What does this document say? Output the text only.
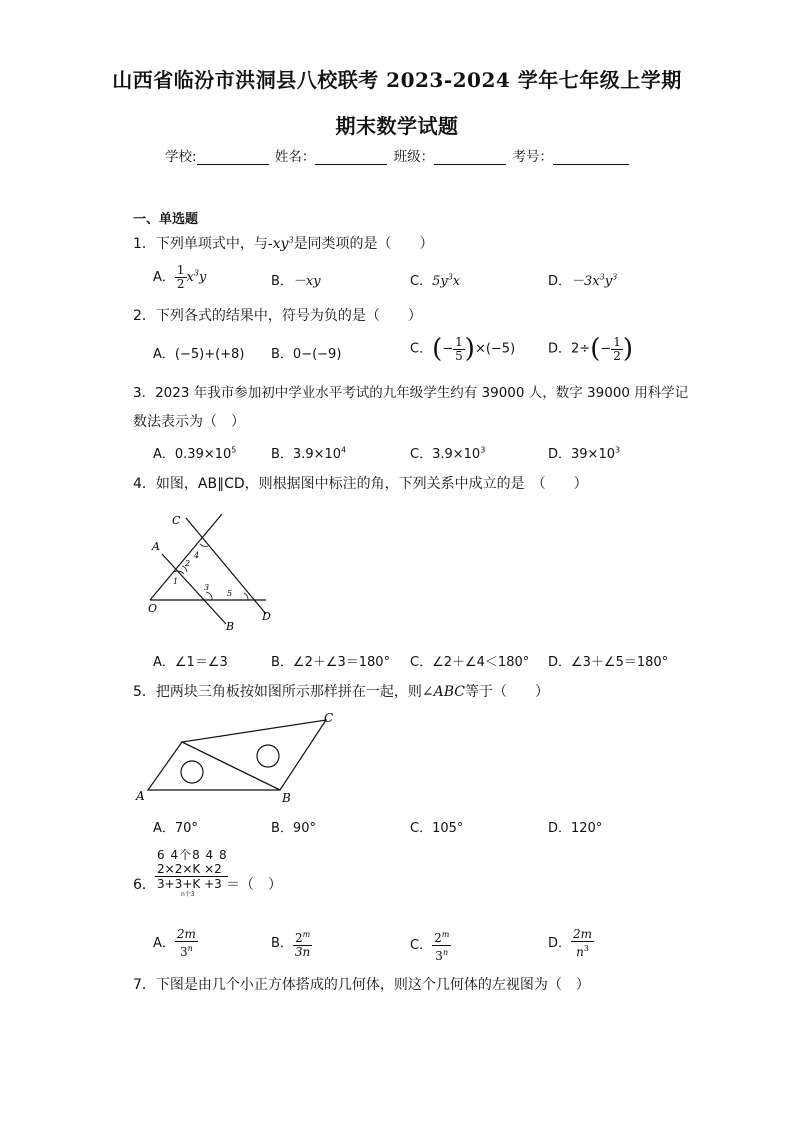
山西省临汾市洪洞县八校联考 2023-2024 学年七年级上学期
期末数学试题
学校:	姓名：	班级：	考号：
一、单选题
1．下列单项式中，与$-xy^3$是同类项的是（　　）
A． $\frac{1}{2} x^3y$	B．－xy	C．$5y^3x$	D．$-3x^3y^3$
2．下列各式的结果中，符号为负的是（　　）
A．(−5)+(+8) B．0−(−9)	C．(− $\frac{1}{5} )\times(-5)$	D．$2\div(- \frac{1}{2}$ )
3．2023 年我市参加初中学业水平考试的九年级学生约有 39000 人，数字 39000 用科学记
数法表示为（　）
A．$0.39\times 10^5$	B．$3.9\times 10^4$	C．$3.9\times 10^3$	D．$39\times 10^3$
4．如图，AB∥CD，则根据图中标注的角，下列关系中成立的是　（　　）
C
A
O
B
D
1
2
4
3
5
A．∠1＝∠3	B．∠2＋∠3＝180° C．∠2＋∠4＜180° D．∠3＋∠5＝180°
5．把两块三角板按如图所示那样拼在一起，则∠ABC等于（　　）
A	B
C
A．70°	B．90°	C．105°	D．120°
6．
6 4个8 4 8
2×2×K ×2
3+3+K +3
n个3
＝（　）
A． $\frac{2m}{3^n}$	B． $\frac{2^m}{3n}$	C． $\frac{2^m}{3^n}$	D． $\frac{2m}{n^3}$
7．下图是由几个小正方体搭成的几何体，则这个几何体的左视图为（　）
